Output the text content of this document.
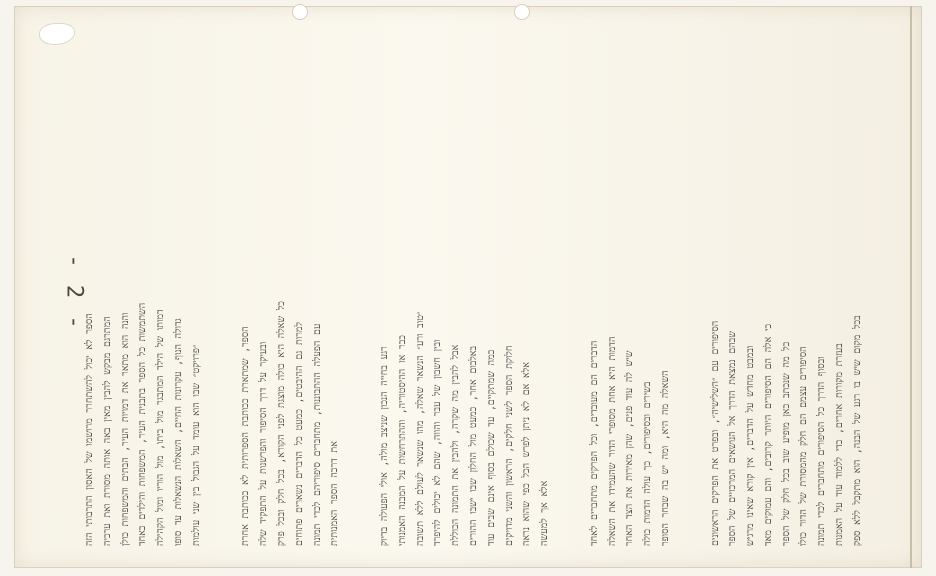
- 2 -
הספר לא יכול להשתחרר מרושמו של האסון התרבותי הזה המתרגם מבקש להבין מאין באה אותה מסורת ואת ערכיה והנה הוא מתאר את דמויות העיר, הבתים והמשפחות כולן השתמשות כל הספר בתבנית העיר, המשפחות והילדים כאחד דמותו של הילד המתבגר מול ביתו, מול הוריו ומול הקהילה גדולה הנוף, עקרונות החיים, השאלות הנשאלות עד סופו ״פרויקט״ שבו הוא עומד על הגבול בין שני עולמות	הספר, שמתארת ככותבת הספרותית לא ככותבת אחרת ובעיקר על דרך הסיפור והפרשנות על התפקיד שלה כל שאלה היא כולה מוצגת לפני הקורא, בכל חלק ובכל פרק למרות גם ההיבטים, כמעט כל הדברים נשארים פתוחים עם הפעלה ההתבוננות, מתחברים סיפוריהם לכדי תמונה את דרכה הספר האמנותית	רגע בחייה הנכון שניצב מולה, אולי הפעולה בדיוק כבר אז ההיסטוריה, וההתרחשות על המבנה האמנותי ״טוב ורע״ הנשאר שאלה, מהו שנשאר לעולם ללא תשובה ובין חשבון של עבר והווה, שהם לא יכולים להיפרד אבל להבין מה שקרה, ולהבין את התמונה הכוללת באלבום אחר, כמעט מול החלון שבו ישבו ההורים כמה שמתקיים, עד שכולם בסוף אינם שבים עוד חלוקת הספר לשני חלקים, הראשון והשני מדויקים אלא אם לא ניתן לפרש הכל כפי שהוא נראה אלא אך למעשה	הדברים הם מעובדים, וכל הפרקים מתחברים לאחד הדמות היא אחת מסופרי הדור שהעמידו את השאלה שיש לה עוד פנים, שהן מאירות את הצד האחר בשירים ובסיפורים, כך עולה הדמות כולה השאלה מה היא, ומה יש בה שבחר הסופר	הסיפורים עם ״השלישיה״, ובפרט את הפרקים הראשונים שבהם נמצאת הדרך אל הנושאים המרכזיים של הספר ובמבט מחדש על הדברים, אין קורא שאינו מרגיש כי אלה הם הסיפורים היותר קרובים, והם עמוקים מאד כל מה שנכתב כאן מופיע שוב בכל חלק של הספר הסיפורים עצמם הם חלק מהמסורת של הדור כולו ובסוף הדרך כל הסיפורים מתחברים לכדי תמונה בעזרת מקורות אחרים, כדי ללמוד עוד על האמנות בכל מקום שיש בו רגע של הבנה, הוא מתקבל ללא ספק
